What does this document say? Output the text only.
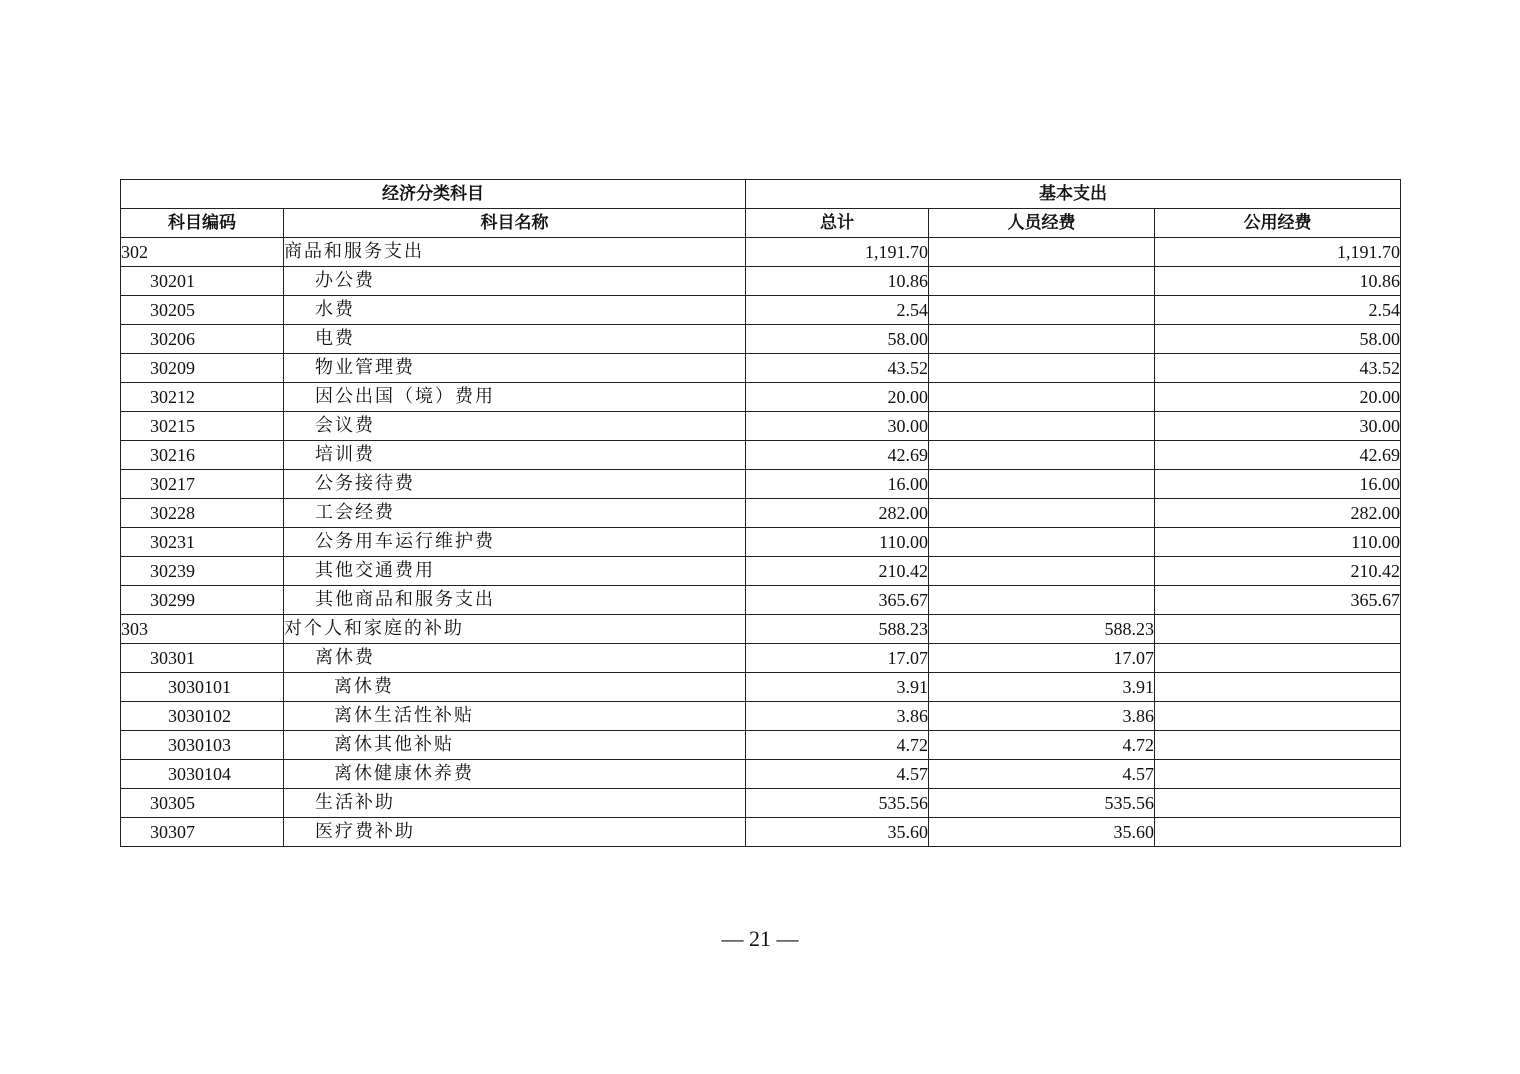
经济分类科目		基本支出		
科目编码	科目名称	总计	人员经费	公用经费
302	商品和服务支出	1,191.70		1,191.70
30201	办公费	10.86		10.86
30205	水费	2.54		2.54
30206	电费	58.00		58.00
30209	物业管理费	43.52		43.52
30212	因公出国（境）费用	20.00		20.00
30215	会议费	30.00		30.00
30216	培训费	42.69		42.69
30217	公务接待费	16.00		16.00
30228	工会经费	282.00		282.00
30231	公务用车运行维护费	110.00		110.00
30239	其他交通费用	210.42		210.42
30299	其他商品和服务支出	365.67		365.67
303	对个人和家庭的补助	588.23	588.23	
30301	离休费	17.07	17.07	
3030101	离休费	3.91	3.91	
3030102	离休生活性补贴	3.86	3.86	
3030103	离休其他补贴	4.72	4.72	
3030104	离休健康休养费	4.57	4.57	
30305	生活补助	535.56	535.56	
30307	医疗费补助	35.60	35.60	
— 21 —
